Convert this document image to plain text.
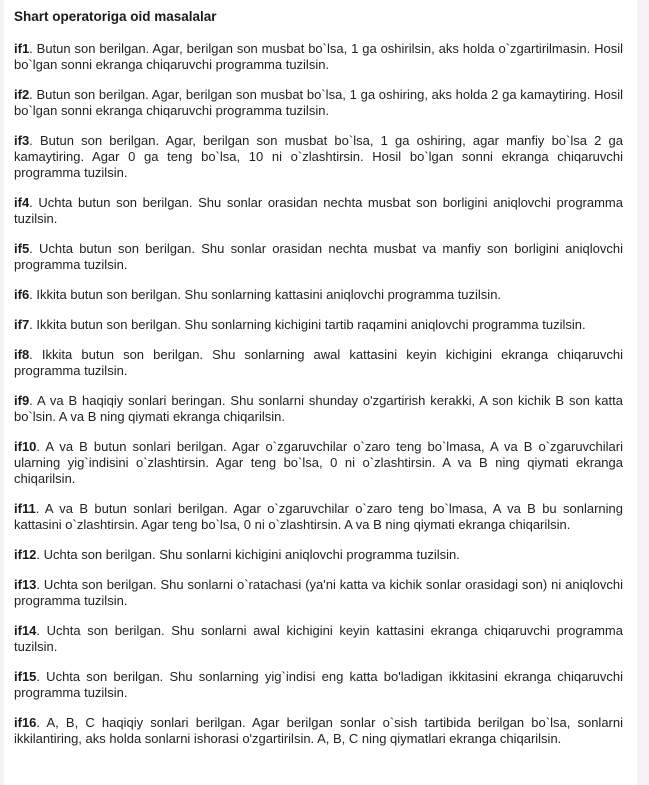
Shart operatoriga oid masalalar

if1. Butun son berilgan. Agar, berilgan son musbat bo`lsa, 1 ga oshirilsin, aks holda o`zgartirilmasin. Hosil bo`lgan sonni ekranga chiqaruvchi programma tuzilsin.

if2. Butun son berilgan. Agar, berilgan son musbat bo`lsa, 1 ga oshiring, aks holda 2 ga kamaytiring. Hosil bo`lgan sonni ekranga chiqaruvchi programma tuzilsin.

if3. Butun son berilgan. Agar, berilgan son musbat bo`lsa, 1 ga oshiring, agar manfiy bo`lsa 2 ga kamaytiring. Agar 0 ga teng bo`lsa, 10 ni o`zlashtirsin. Hosil bo`lgan sonni ekranga chiqaruvchi programma tuzilsin.

if4. Uchta butun son berilgan. Shu sonlar orasidan nechta musbat son borligini aniqlovchi programma tuzilsin.

if5. Uchta butun son berilgan. Shu sonlar orasidan nechta musbat va manfiy son borligini aniqlovchi programma tuzilsin.

if6. Ikkita butun son berilgan. Shu sonlarning kattasini aniqlovchi programma tuzilsin.

if7. Ikkita butun son berilgan. Shu sonlarning kichigini tartib raqamini aniqlovchi programma tuzilsin.

if8. Ikkita butun son berilgan. Shu sonlarning awal kattasini keyin kichigini ekranga chiqaruvchi programma tuzilsin.

if9. A va B haqiqiy sonlari beringan. Shu sonlarni shunday o'zgartirish kerakki, A son kichik B son katta bo`lsin. A va B ning qiymati ekranga chiqarilsin.

if10. A va B butun sonlari berilgan. Agar o`zgaruvchilar o`zaro teng bo`lmasa, A va B o`zgaruvchilari ularning yig`indisini o`zlashtirsin. Agar teng bo`lsa, 0 ni o`zlashtirsin. A va B ning qiymati ekranga chiqarilsin.

if11. A va B butun sonlari berilgan. Agar o`zgaruvchilar o`zaro teng bo`lmasa, A va B bu sonlarning kattasini o`zlashtirsin. Agar teng bo`lsa, 0 ni o`zlashtirsin. A va B ning qiymati ekranga chiqarilsin.

if12. Uchta son berilgan. Shu sonlarni kichigini aniqlovchi programma tuzilsin.

if13. Uchta son berilgan. Shu sonlarni o`ratachasi (ya'ni katta va kichik sonlar orasidagi son) ni aniqlovchi programma tuzilsin.

if14. Uchta son berilgan. Shu sonlarni awal kichigini keyin kattasini ekranga chiqaruvchi programma tuzilsin.

if15. Uchta son berilgan. Shu sonlarning yig`indisi eng katta bo'ladigan ikkitasini ekranga chiqaruvchi programma tuzilsin.

if16. A, B, C haqiqiy sonlari berilgan. Agar berilgan sonlar o`sish tartibida berilgan bo`lsa, sonlarni ikkilantiring, aks holda sonlarni ishorasi o'zgartirilsin. A, B, C ning qiymatlari ekranga chiqarilsin.
